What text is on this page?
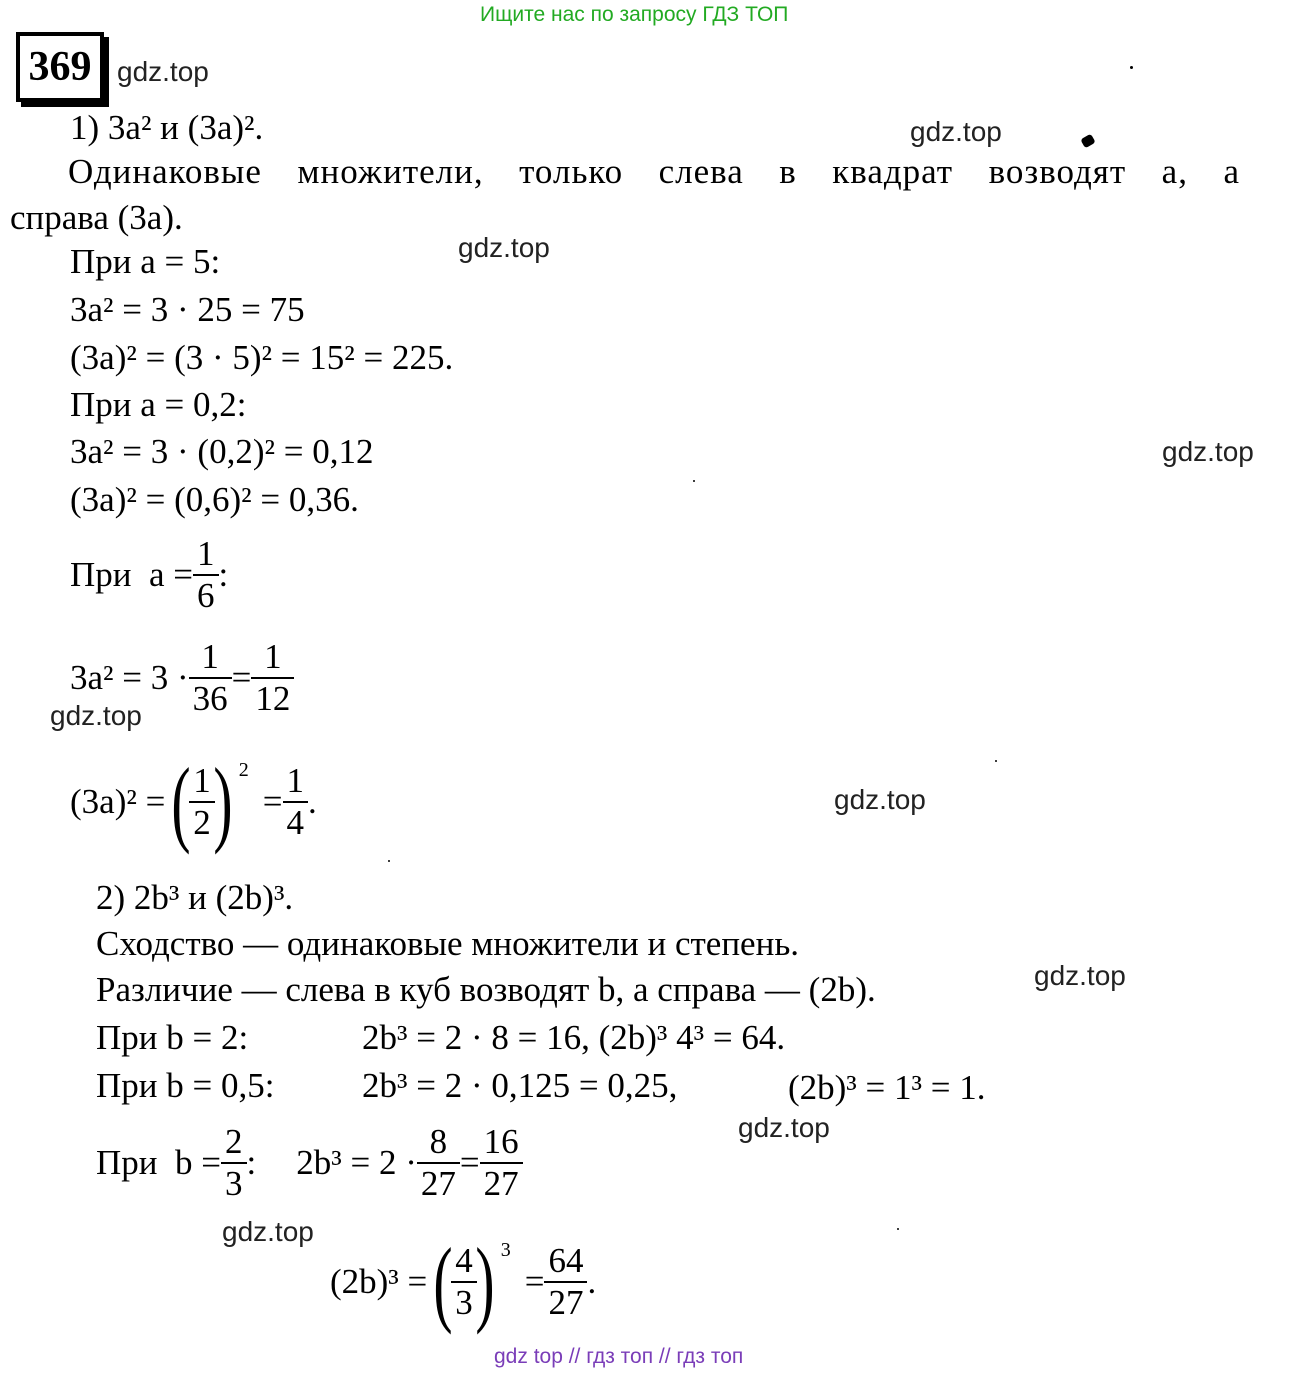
Ищите нас по запросу ГДЗ ТОП
gdz top // гдз топ // гдз топ
369 gdz.top
gdz.top
gdz.top
gdz.top
gdz.top
gdz.top
gdz.top
gdz.top
gdz.top
1) 3a² и (3a)².
Одинаковые множители, только слева в квадрат возводят a, а
справа (3a).
При a = 5:
3a² = 3 · 25 = 75
(3a)² = (3 · 5)² = 15² = 225.
При a = 0,2:
3a² = 3 · (0,2)² = 0,12
(3a)² = (0,6)² = 0,36.
При
$a = \frac{1}{6}$ :
$3a^2 = 3 \cdot \frac{1}{36} = \frac{1}{12}$
(3a)² = (
$\frac{1}{2}$
) 2
= $\frac{1}{4}$ .
2) 2b³ и (2b)³.
Сходство — одинаковые множители и степень.
Различие — слева в куб возводят b, а справа — (2b).
При b = 2:	2b³ = 2 · 8 = 16, (2b)³ 4³ = 64.
При b = 0,5:	2b³ = 2 · 0,125 = 0,25,	(2b)³ = 1³ = 1.
При
$b = \frac{2}{3}$ : $2b^3 = 2 \cdot \frac{8}{27} = \frac{16}{27}$
(2b)³ = (
$\frac{4}{3}$
) 3
= $\frac{64}{27}$ .
